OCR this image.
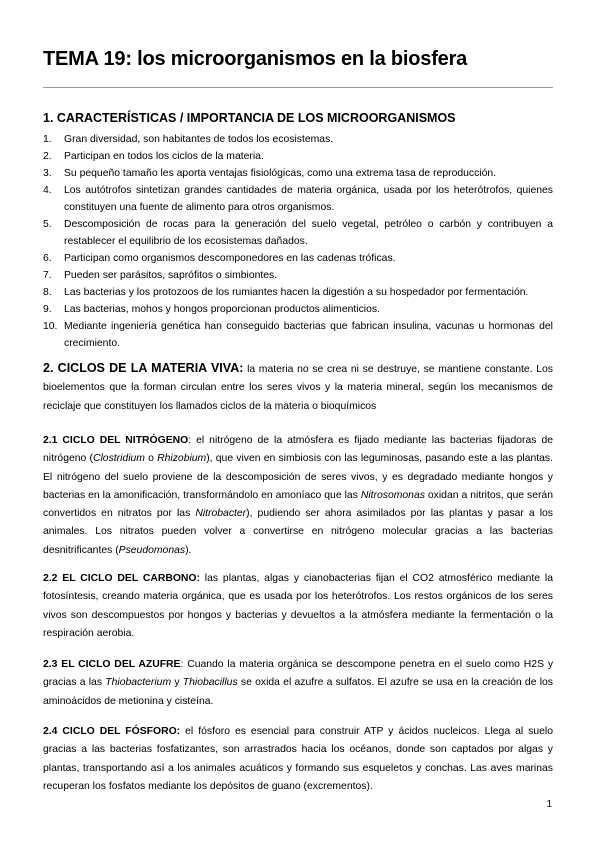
TEMA 19: los microorganismos en la biosfera
1. CARACTERÍSTICAS / IMPORTANCIA DE LOS MICROORGANISMOS
1. Gran diversidad, son habitantes de todos los ecosistemas.
2. Participan en todos los ciclos de la materia.
3. Su pequeño tamaño les aporta ventajas fisiológicas, como una extrema tasa de reproducción.
4. Los autótrofos sintetizan grandes cantidades de materia orgánica, usada por los heterótrofos, quienes constituyen una fuente de alimento para otros organismos.
5. Descomposición de rocas para la generación del suelo vegetal, petróleo o carbón y contribuyen a restablecer el equilibrio de los ecosistemas dañados.
6. Participan como organismos descomponedores en las cadenas tróficas.
7. Pueden ser parásitos, saprófitos o simbiontes.
8. Las bacterias y los protozoos de los rumiantes hacen la digestión a su hospedador por fermentación.
9. Las bacterias, mohos y hongos proporcionan productos alimenticios.
10. Mediante ingeniería genética han conseguido bacterias que fabrican insulina, vacunas u hormonas del crecimiento.

2. CICLOS DE LA MATERIA VIVA: la materia no se crea ni se destruye, se mantiene constante. Los bioelementos que la forman circulan entre los seres vivos y la materia mineral, según los mecanismos de reciclaje que constituyen los llamados ciclos de la materia o bioquímicos

2.1 CICLO DEL NITRÓGENO: el nitrógeno de la atmósfera es fijado mediante las bacterias fijadoras de nitrógeno (Clostridium o Rhizobium), que viven en simbiosis con las leguminosas, pasando este a las plantas. El nitrógeno del suelo proviene de la descomposición de seres vivos, y es degradado mediante hongos y bacterias en la amonificación, transformándolo en amoníaco que las Nitrosomonas oxidan a nitritos, que serán convertidos en nitratos por las Nitrobacter), pudiendo ser ahora asimilados por las plantas y pasar a los animales. Los nitratos pueden volver a convertirse en nitrógeno molecular gracias a las bacterias desnitrificantes (Pseudomonas).

2.2 EL CICLO DEL CARBONO: las plantas, algas y cianobacterias fijan el CO2 atmosférico mediante la fotosíntesis, creando materia orgánica, que es usada por los heterótrofos. Los restos orgánicos de los seres vivos son descompuestos por hongos y bacterias y devueltos a la atmósfera mediante la fermentación o la respiración aerobia.

2.3 EL CICLO DEL AZUFRE: Cuando la materia orgánica se descompone penetra en el suelo como H2S y gracias a las Thiobacterium y Thiobacillus se oxida el azufre a sulfatos. El azufre se usa en la creación de los aminoácidos de metionina y cisteína.

2.4 CICLO DEL FÓSFORO: el fósforo es esencial para construir ATP y ácidos nucleicos. Llega al suelo gracias a las bacterias fosfatizantes, son arrastrados hacia los océanos, donde son captados por algas y plantas, transportando así a los animales acuáticos y formando sus esqueletos y conchas. Las aves marinas recuperan los fosfatos mediante los depósitos de guano (excrementos).

1
